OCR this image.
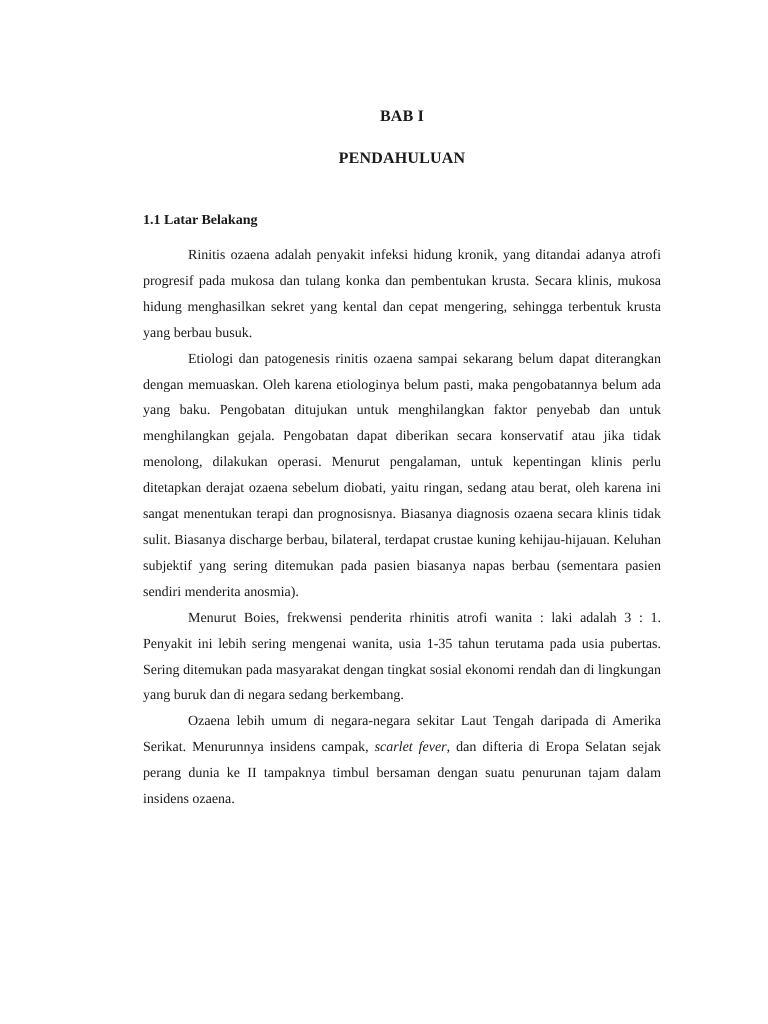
BAB I
PENDAHULUAN
1.1 Latar Belakang

Rinitis ozaena adalah penyakit infeksi hidung kronik, yang ditandai adanya atrofi progresif pada mukosa dan tulang konka dan pembentukan krusta. Secara klinis, mukosa hidung menghasilkan sekret yang kental dan cepat mengering, sehingga terbentuk krusta yang berbau busuk.

Etiologi dan patogenesis rinitis ozaena sampai sekarang belum dapat diterangkan dengan memuaskan. Oleh karena etiologinya belum pasti, maka pengobatannya belum ada yang baku. Pengobatan ditujukan untuk menghilangkan faktor penyebab dan untuk menghilangkan gejala. Pengobatan dapat diberikan secara konservatif atau jika tidak menolong, dilakukan operasi. Menurut pengalaman, untuk kepentingan klinis perlu ditetapkan derajat ozaena sebelum diobati, yaitu ringan, sedang atau berat, oleh karena ini sangat menentukan terapi dan prognosisnya. Biasanya diagnosis ozaena secara klinis tidak sulit. Biasanya discharge berbau, bilateral, terdapat crustae kuning kehijau-hijauan. Keluhan subjektif yang sering ditemukan pada pasien biasanya napas berbau (sementara pasien sendiri menderita anosmia).

Menurut Boies, frekwensi penderita rhinitis atrofi wanita : laki adalah 3 : 1. Penyakit ini lebih sering mengenai wanita, usia 1-35 tahun terutama pada usia pubertas. Sering ditemukan pada masyarakat dengan tingkat sosial ekonomi rendah dan di lingkungan yang buruk dan di negara sedang berkembang.

Ozaena lebih umum di negara-negara sekitar Laut Tengah daripada di Amerika Serikat. Menurunnya insidens campak, scarlet fever, dan difteria di Eropa Selatan sejak perang dunia ke II tampaknya timbul bersaman dengan suatu penurunan tajam dalam insidens ozaena.
